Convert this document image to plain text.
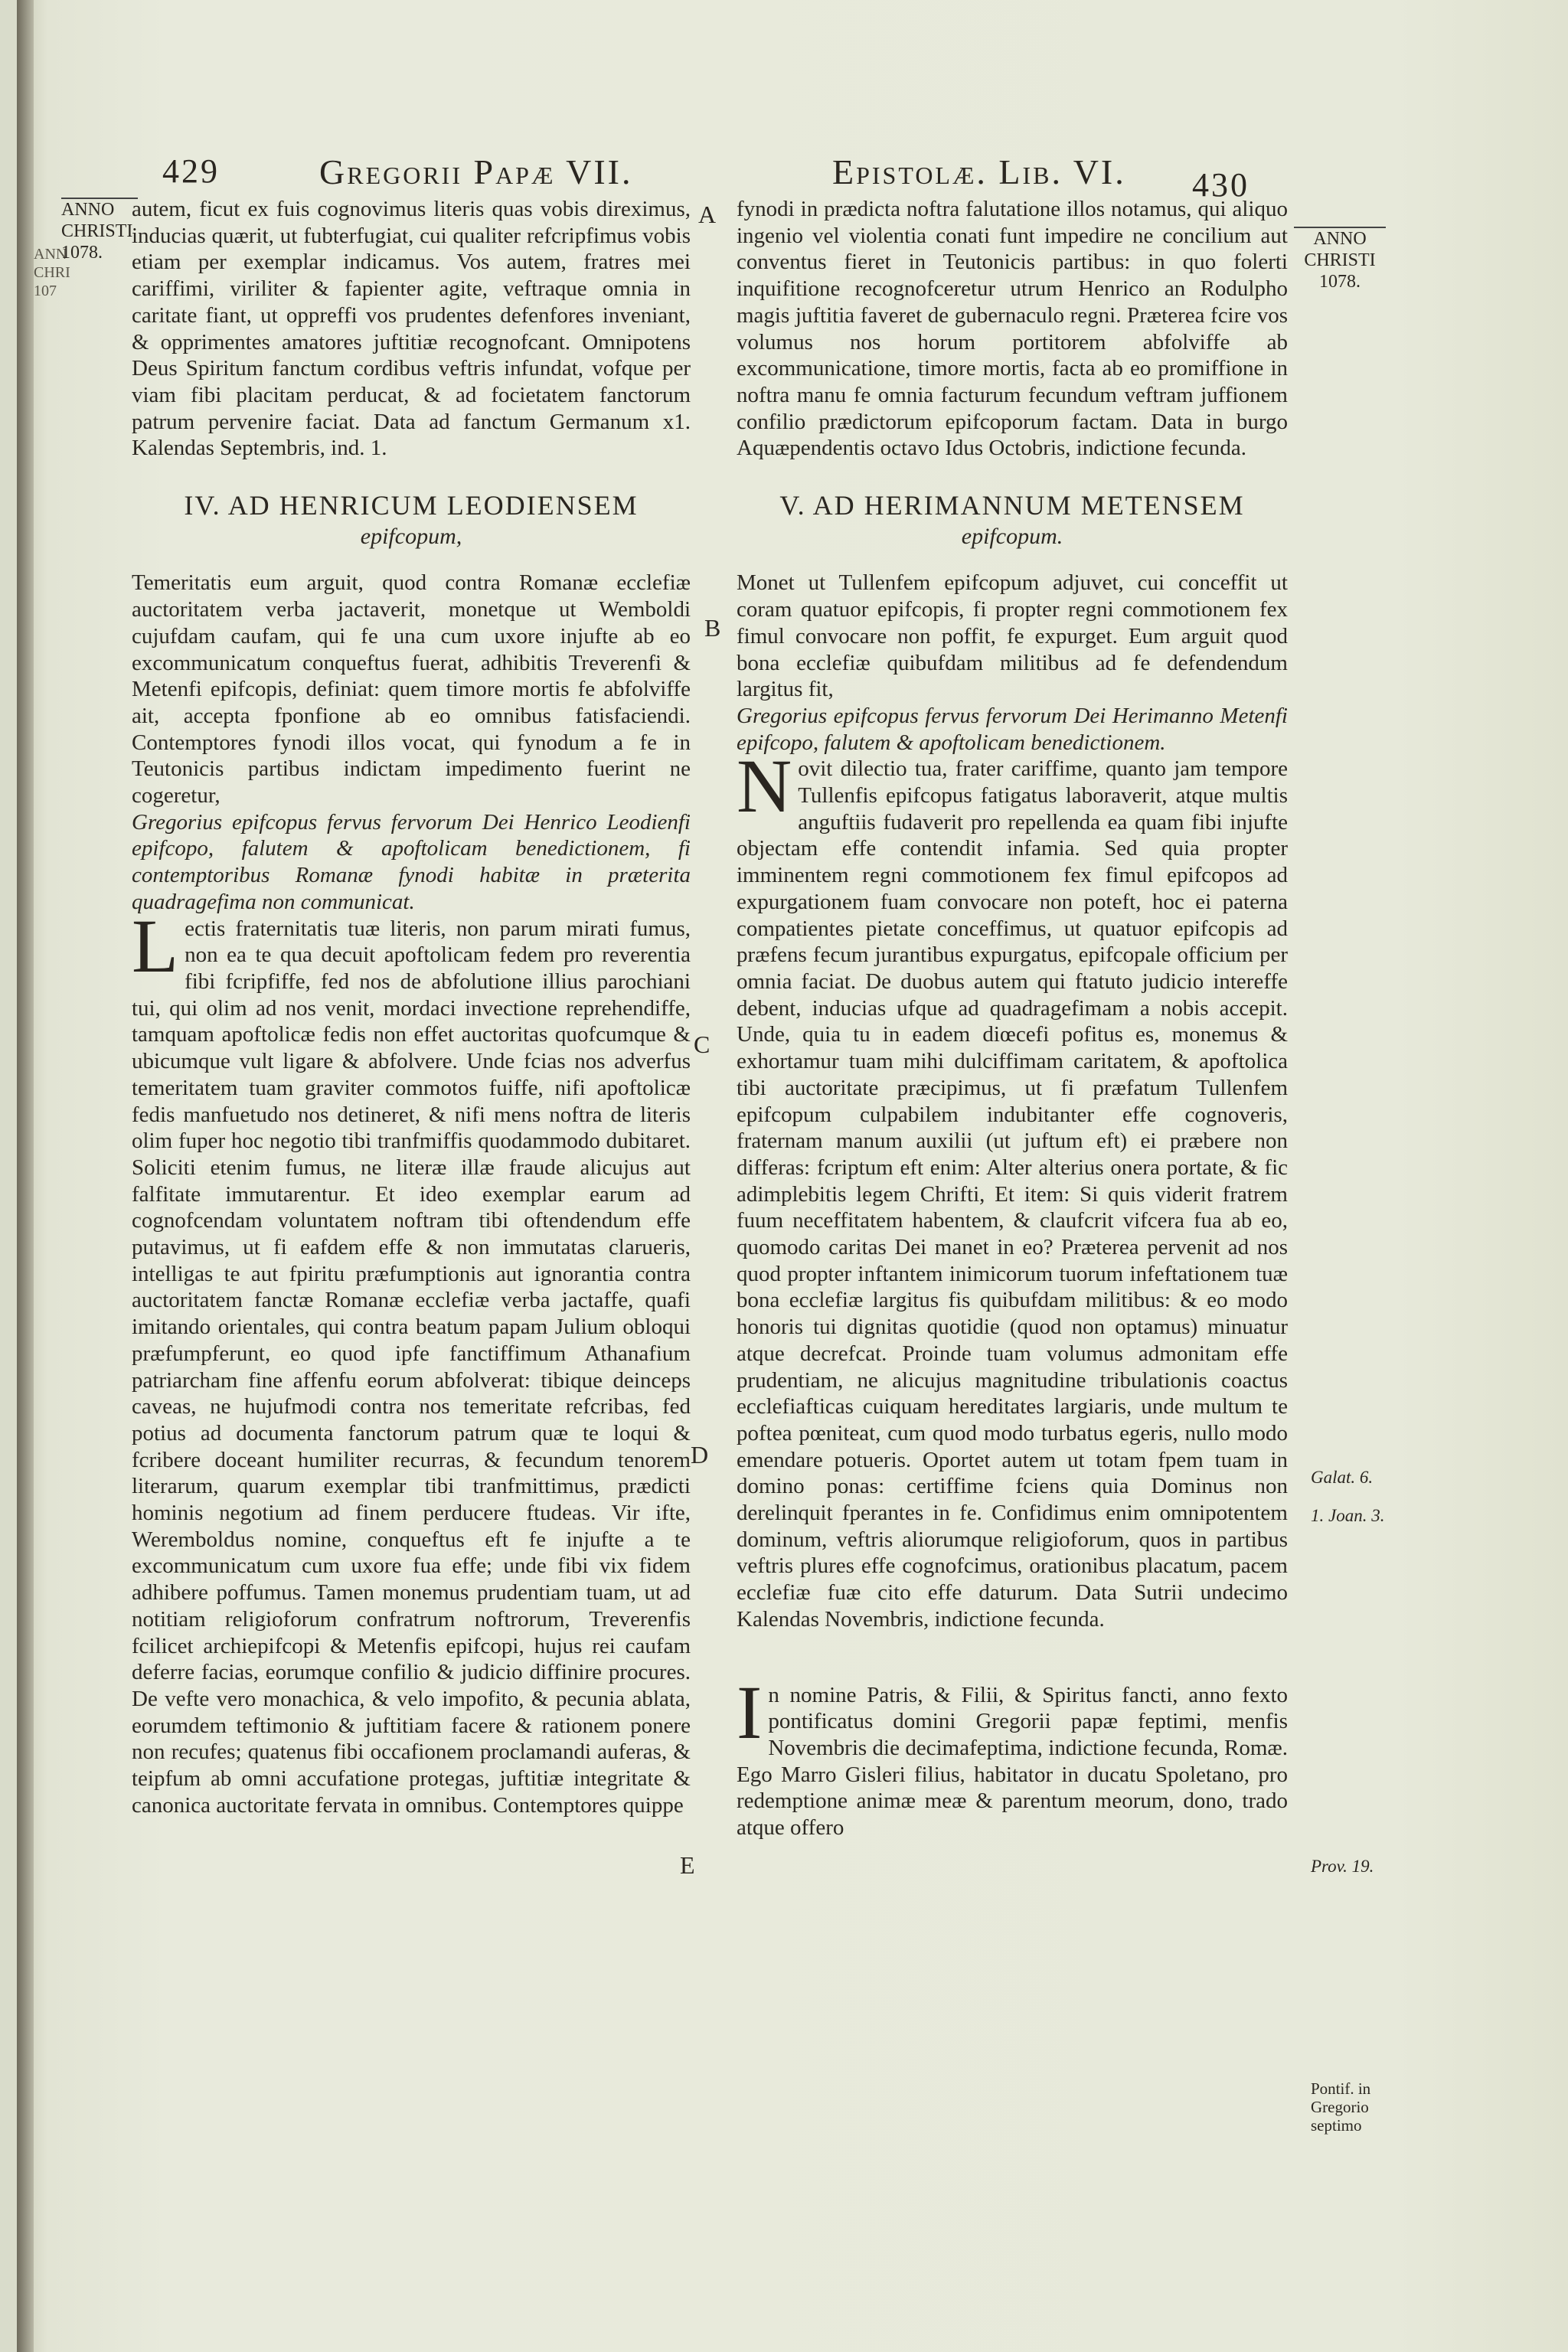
ANN CHRI 107
429	Gregorii Papæ VII.	Epistolæ. Lib. VI. 430
ANNO CHRISTI 1078.
ANNO CHRISTI 1078.
A
B
C
D
E
Galat. 6.
1. Joan. 3.
Prov. 19.
Pontif. in Gregorio septimo

autem, ficut ex fuis cognovimus literis quas vobis direximus, inducias quærit, ut fubterfugiat, cui qualiter refcripfimus vobis etiam per exemplar indicamus. Vos autem, fratres mei cariffimi, viriliter & fapienter agite, veftraque omnia in caritate fiant, ut oppreffi vos prudentes defenfores inveniant, & opprimentes amatores juftitiæ recognofcant. Omnipotens Deus Spiritum fanctum cordibus veftris infundat, vofque per viam fibi placitam perducat, & ad focietatem fanctorum patrum pervenire faciat. Data ad fanctum Germanum x1. Kalendas Septembris, ind. 1.

IV. AD HENRICUM LEODIENSEM
epifcopum,

Temeritatis eum arguit, quod contra Romanæ ecclefiæ auctoritatem verba jactaverit, monetque ut Wemboldi cujufdam caufam, qui fe una cum uxore injufte ab eo excommunicatum conqueftus fuerat, adhibitis Treverenfi & Metenfi epifcopis, definiat: quem timore mortis fe abfolviffe ait, accepta fponfione ab eo omnibus fatisfaciendi. Contemptores fynodi illos vocat, qui fynodum a fe in Teutonicis partibus indictam impedimento fuerint ne cogeretur,

Gregorius epifcopus fervus fervorum Dei Henrico Leodienfi epifcopo, falutem & apoftolicam benedictionem, fi contemptoribus Romanæ fynodi habitæ in præterita quadragefima non communicat.

Lectis fraternitatis tuæ literis, non parum mirati fumus, non ea te qua decuit apoftolicam fedem pro reverentia fibi fcripfiffe, fed nos de abfolutione illius parochiani tui, qui olim ad nos venit, mordaci invectione reprehendiffe, tamquam apoftolicæ fedis non effet auctoritas quofcumque & ubicumque vult ligare & abfolvere. Unde fcias nos adverfus temeritatem tuam graviter commotos fuiffe, nifi apoftolicæ fedis manfuetudo nos detineret, & nifi mens noftra de literis olim fuper hoc negotio tibi tranfmiffis quodammodo dubitaret. Soliciti etenim fumus, ne literæ illæ fraude alicujus aut falfitate immutarentur. Et ideo exemplar earum ad cognofcendam voluntatem noftram tibi oftendendum effe putavimus, ut fi eafdem effe & non immutatas clarueris, intelligas te aut fpiritu præfumptionis aut ignorantia contra auctoritatem fanctæ Romanæ ecclefiæ verba jactaffe, quafi imitando orientales, qui contra beatum papam Julium obloqui præfumpferunt, eo quod ipfe fanctiffimum Athanafium patriarcham fine affenfu eorum abfolverat: tibique deinceps caveas, ne hujufmodi contra nos temeritate refcribas, fed potius ad documenta fanctorum patrum quæ te loqui & fcribere doceant humiliter recurras, & fecundum tenorem literarum, quarum exemplar tibi tranfmittimus, prædicti hominis negotium ad finem perducere ftudeas. Vir ifte, Weremboldus nomine, conqueftus eft fe injufte a te excommunicatum cum uxore fua effe; unde fibi vix fidem adhibere poffumus. Tamen monemus prudentiam tuam, ut ad notitiam religioforum confratrum noftrorum, Treverenfis fcilicet archiepifcopi & Metenfis epifcopi, hujus rei caufam deferre facias, eorumque confilio & judicio diffinire procures. De vefte vero monachica, & velo impofito, & pecunia ablata, eorumdem teftimonio & juftitiam facere & rationem ponere non recufes; quatenus fibi occafionem proclamandi auferas, & teipfum ab omni accufatione protegas, juftitiæ integritate & canonica auctoritate fervata in omnibus. Contemptores quippe

fynodi in prædicta noftra falutatione illos notamus, qui aliquo ingenio vel violentia conati funt impedire ne concilium aut conventus fieret in Teutonicis partibus: in quo folerti inquifitione recognofceretur utrum Henrico an Rodulpho magis juftitia faveret de gubernaculo regni. Præterea fcire vos volumus nos horum portitorem abfolviffe ab excommunicatione, timore mortis, facta ab eo promiffione in noftra manu fe omnia facturum fecundum veftram juffionem confilio prædictorum epifcoporum factam. Data in burgo Aquæpendentis octavo Idus Octobris, indictione fecunda.

V. AD HERIMANNUM METENSEM
epifcopum.

Monet ut Tullenfem epifcopum adjuvet, cui conceffit ut coram quatuor epifcopis, fi propter regni commotionem fex fimul convocare non poffit, fe expurget. Eum arguit quod bona ecclefiæ quibufdam militibus ad fe defendendum largitus fit,

Gregorius epifcopus fervus fervorum Dei Herimanno Metenfi epifcopo, falutem & apoftolicam benedictionem.

Novit dilectio tua, frater cariffime, quanto jam tempore Tullenfis epifcopus fatigatus laboraverit, atque multis anguftiis fudaverit pro repellenda ea quam fibi injufte objectam effe contendit infamia. Sed quia propter imminentem regni commotionem fex fimul epifcopos ad expurgationem fuam convocare non poteft, hoc ei paterna compatientes pietate conceffimus, ut quatuor epifcopis ad præfens fecum jurantibus expurgatus, epifcopale officium per omnia faciat. De duobus autem qui ftatuto judicio intereffe debent, inducias ufque ad quadragefimam a nobis accepit. Unde, quia tu in eadem diœcefi pofitus es, monemus & exhortamur tuam mihi dulciffimam caritatem, & apoftolica tibi auctoritate præcipimus, ut fi præfatum Tullenfem epifcopum culpabilem indubitanter effe cognoveris, fraternam manum auxilii (ut juftum eft) ei præbere non differas: fcriptum eft enim: Alter alterius onera portate, & fic adimplebitis legem Chrifti, Et item: Si quis viderit fratrem fuum neceffitatem habentem, & claufcrit vifcera fua ab eo, quomodo caritas Dei manet in eo? Præterea pervenit ad nos quod propter inftantem inimicorum tuorum infeftationem tuæ bona ecclefiæ largitus fis quibufdam militibus: & eo modo honoris tui dignitas quotidie (quod non optamus) minuatur atque decrefcat. Proinde tuam volumus admonitam effe prudentiam, ne alicujus magnitudine tribulationis coactus ecclefiafticas cuiquam hereditates largiaris, unde multum te poftea pœniteat, cum quod modo turbatus egeris, nullo modo emendare potueris. Oportet autem ut totam fpem tuam in domino ponas: certiffime fciens quia Dominus non derelinquit fperantes in fe. Confidimus enim omnipotentem dominum, veftris aliorumque religioforum, quos in partibus veftris plures effe cognofcimus, orationibus placatum, pacem ecclefiæ fuæ cito effe daturum. Data Sutrii undecimo Kalendas Novembris, indictione fecunda.

In nomine Patris, & Filii, & Spiritus fancti, anno fexto pontificatus domini Gregorii papæ feptimi, menfis Novembris die decimafeptima, indictione fecunda, Romæ. Ego Marro Gisleri filius, habitator in ducatu Spoletano, pro redemptione animæ meæ & parentum meorum, dono, trado atque offero
